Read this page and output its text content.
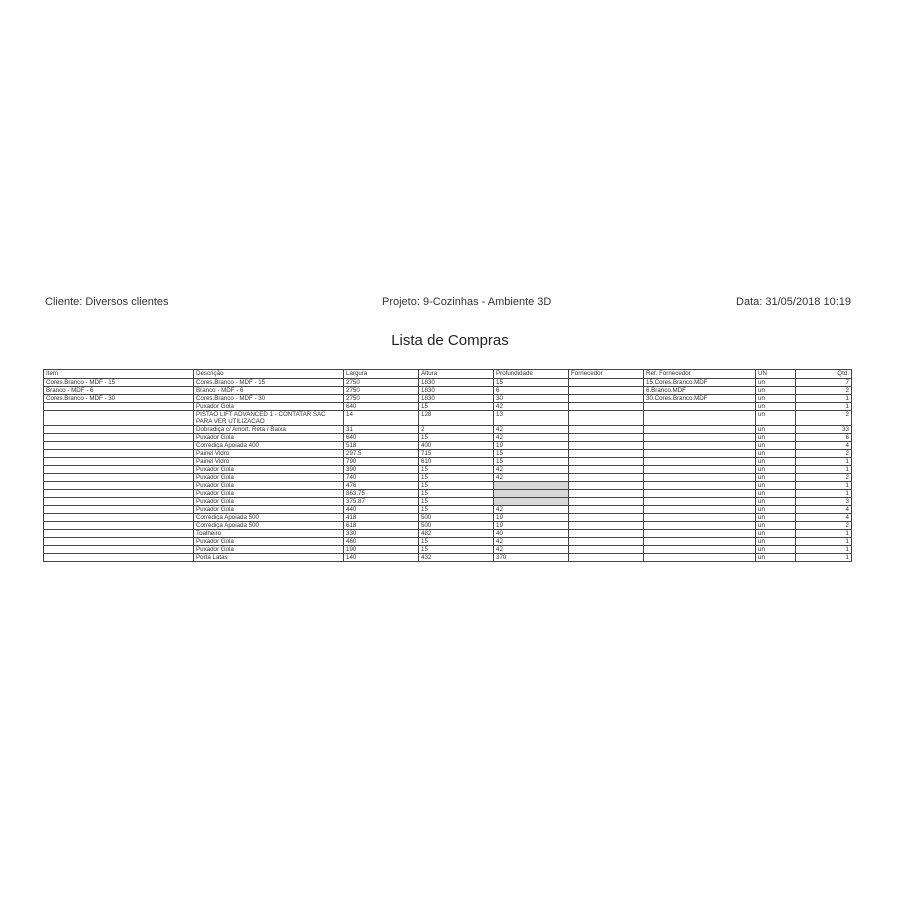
Cliente: Diversos clientes	Projeto: 9-Cozinhas - Ambiente 3D	Data: 31/05/2018 10:19
Lista de Compras
Item	Descrição	Largura	Altura	Profundidade	Fornecedor	Ref. Fornecedor	UN	Qtd.
Cores.Branco - MDF - 15	Cores.Branco - MDF - 15	2750	1830	15		15.Cores.Branco.MDF	un	7
Branco - MDF - 6	Branco - MDF - 6	2750	1830	6		6.Branco.MDF	un	2
Cores.Branco - MDF - 30	Cores.Branco - MDF - 30	2750	1830	30		30.Cores.Branco.MDF	un	1
	Puxador Gola	640	15	42			un	1
	PISTAO LIFT ADVANCED 1 - CONTATAR SAC PARA VER UTILIZACAO	14	128	13			un	2
	Dobradiça c/ Amort. Reta / Baixa	31	2	42			un	33
	Puxador Gola	640	15	42			un	6
	Corrediça Apoiada 400	518	400	19			un	4
	Painel Vidro	297.5	715	15			un	2
	Painel Vidro	790	610	15			un	1
	Puxador Gola	390	15	42			un	1
	Puxador Gola	740	15	42			un	2
	Puxador Gola	476	15				un	1
	Puxador Gola	863.75	15				un	1
	Puxador Gola	375.87	15				un	3
	Puxador Gola	440	15	42			un	4
	Corrediça Apoiada 500	418	500	19			un	4
	Corrediça Apoiada 500	618	500	19			un	2
	Toalheiro	330	482	40			un	1
	Puxador Gola	460	15	42			un	1
	Puxador Gola	190	15	42			un	1
	Porta Latas	140	432	370			un	1
